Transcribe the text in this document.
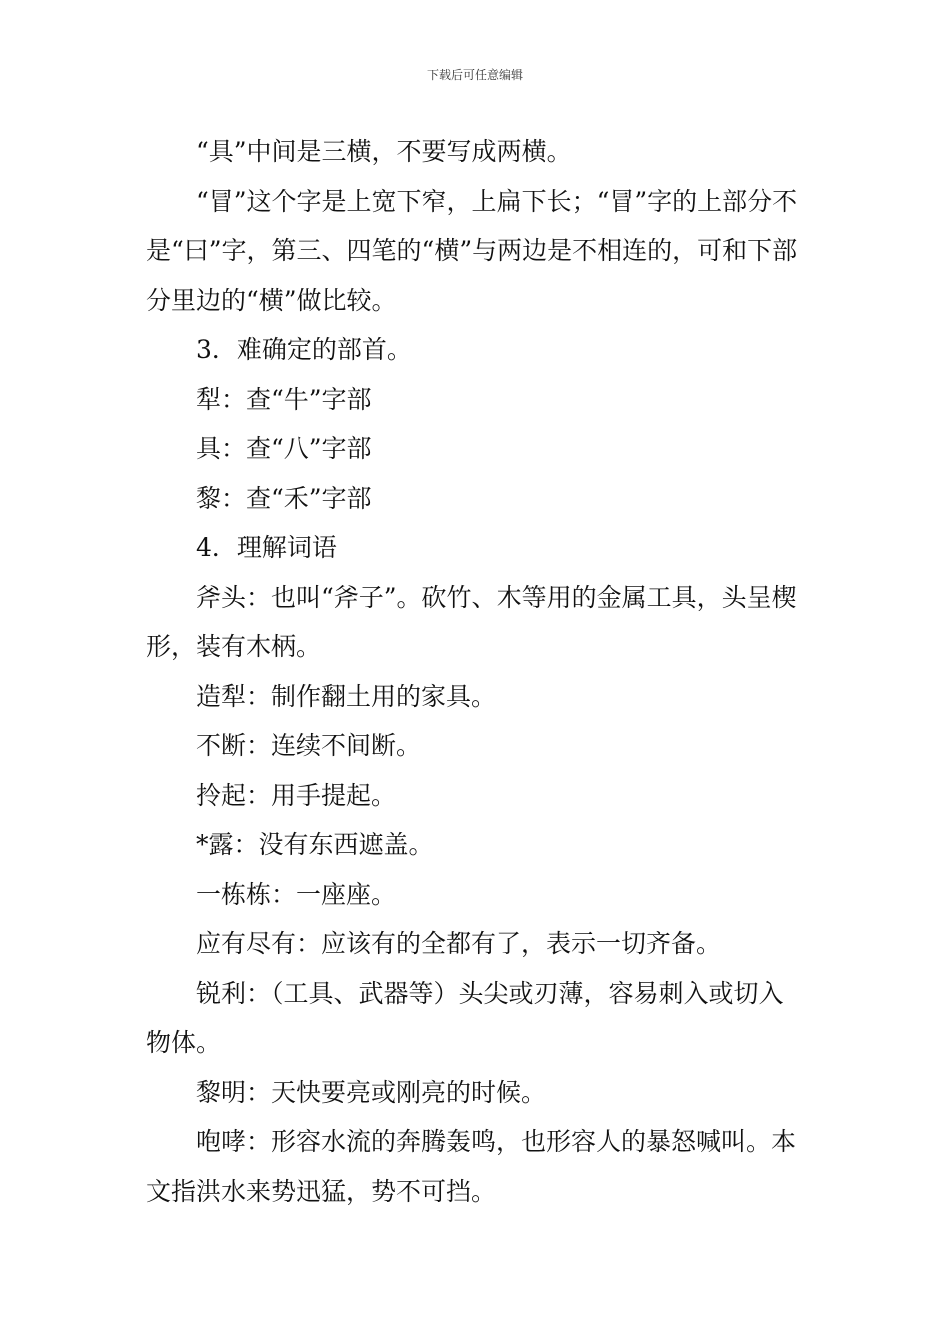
下载后可任意编辑

“具”中间是三横，不要写成两横。

“冒”这个字是上宽下窄，上扁下长；“冒”字的上部分不是“曰”字，第三、四笔的“横”与两边是不相连的，可和下部分里边的“横”做比较。

3．难确定的部首。

犁：查“牛”字部

具：查“八”字部

黎：查“禾”字部

4．理解词语

斧头：也叫“斧子”。砍竹、木等用的金属工具，头呈楔形，装有木柄。

造犁：制作翻土用的家具。

不断：连续不间断。

拎起：用手提起。

*露：没有东西遮盖。

一栋栋：一座座。

应有尽有：应该有的全都有了，表示一切齐备。

锐利：（工具、武器等）头尖或刃薄，容易刺入或切入物体。

黎明：天快要亮或刚亮的时候。

咆哮：形容水流的奔腾轰鸣，也形容人的暴怒喊叫。本文指洪水来势迅猛，势不可挡。
